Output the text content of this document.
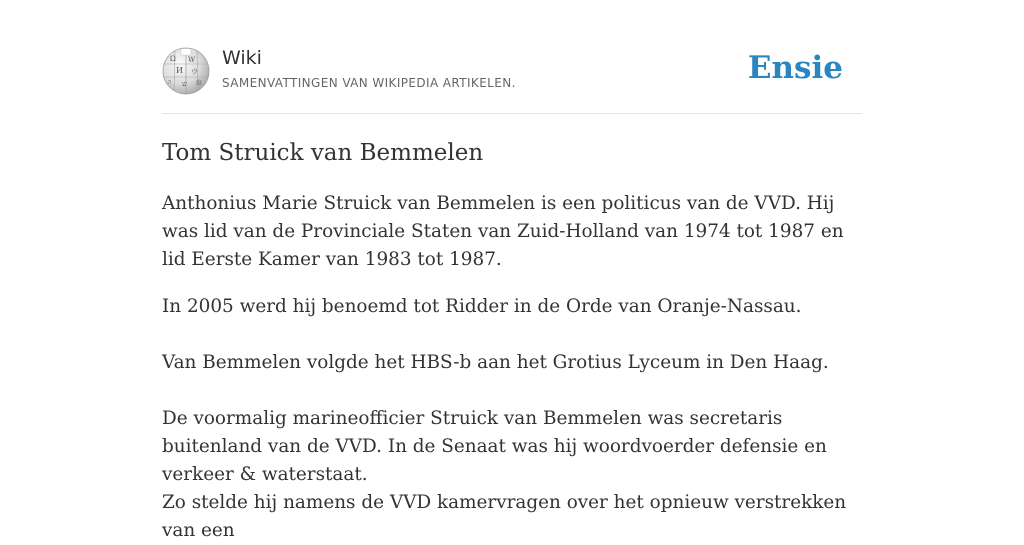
Ω W
И ウ
ה ש 維
Wiki
SAMENVATTINGEN VAN WIKIPEDIA ARTIKELEN.	Ensie
Tom Struick van Bemmelen

Anthonius Marie Struick van Bemmelen is een politicus van de VVD. Hij was lid van de Provinciale Staten van Zuid-Holland van 1974 tot 1987 en lid Eerste Kamer van 1983 tot 1987.

In 2005 werd hij benoemd tot Ridder in de Orde van Oranje-Nassau.

Van Bemmelen volgde het HBS-b aan het Grotius Lyceum in Den Haag.

De voormalig marineofficier Struick van Bemmelen was secretaris buitenland van de VVD. In de Senaat was hij woordvoerder defensie en verkeer & waterstaat.

Zo stelde hij namens de VVD kamervragen over het opnieuw verstrekken van een
